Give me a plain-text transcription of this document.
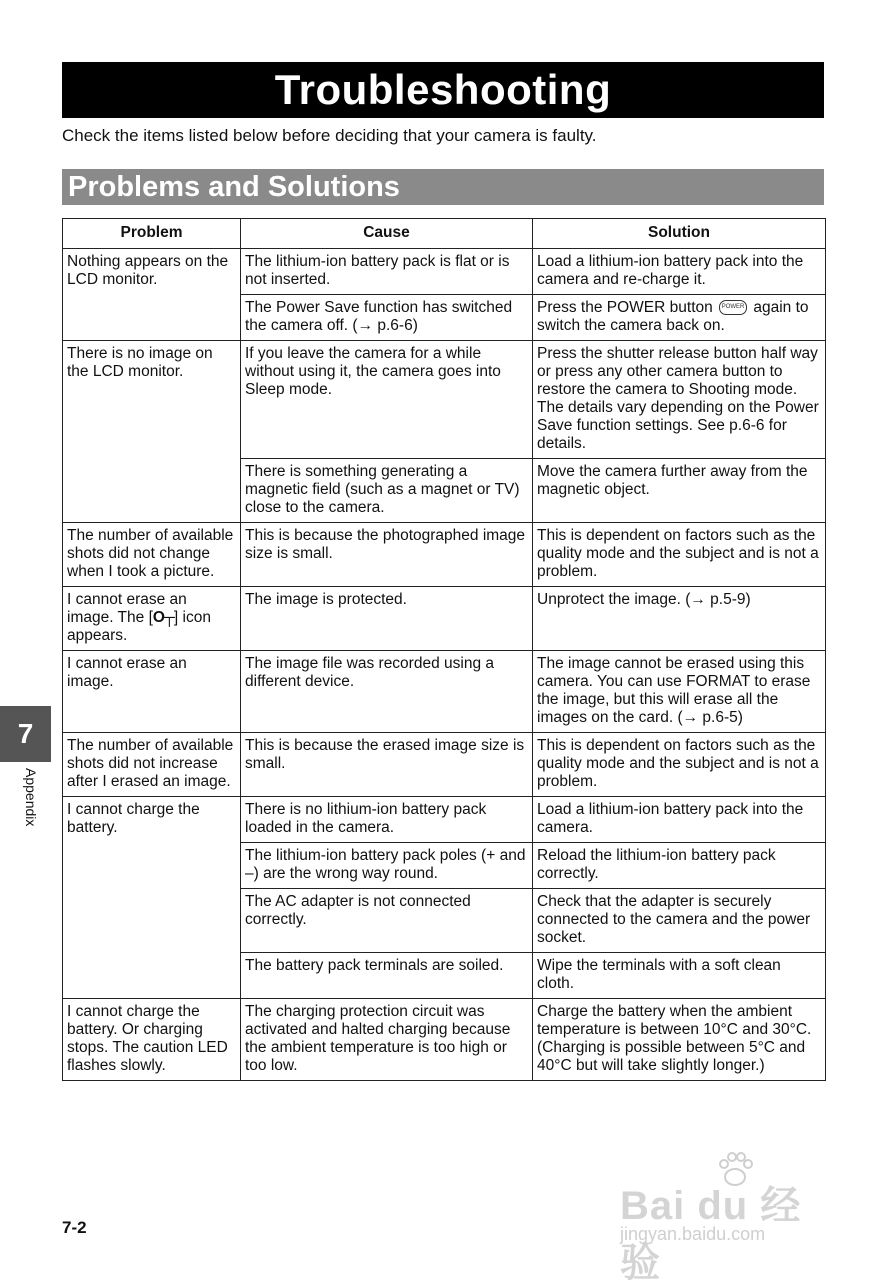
Troubleshooting
Check the items listed below before deciding that your camera is faulty.
Problems and Solutions
Problem	Cause	Solution
Nothing appears on the LCD monitor.	The lithium-ion battery pack is flat or is not inserted.	Load a lithium-ion battery pack into the camera and re-charge it.
	The Power Save function has switched the camera off. (→ p.6-6)	Press the POWER button POWER again to switch the camera back on.
There is no image on the LCD monitor.	If you leave the camera for a while without using it, the camera goes into Sleep mode.	Press the shutter release button half way or press any other camera button to restore the camera to Shooting mode. The details vary depending on the Power Save function settings. See p.6-6 for details.
	There is something generating a magnetic field (such as a magnet or TV) close to the camera.	Move the camera further away from the magnetic object.
The number of available shots did not change when I took a picture.	This is because the photographed image size is small.	This is dependent on factors such as the quality mode and the subject and is not a problem.
I cannot erase an image. The [O┬] icon appears.	The image is protected.	Unprotect the image. (→ p.5-9)
I cannot erase an image.	The image file was recorded using a different device.	The image cannot be erased using this camera. You can use FORMAT to erase the image, but this will erase all the images on the card. (→ p.6-5)
The number of available shots did not increase after I erased an image.	This is because the erased image size is small.	This is dependent on factors such as the quality mode and the subject and is not a problem.
I cannot charge the battery.	There is no lithium-ion battery pack loaded in the camera.	Load a lithium-ion battery pack into the camera.
	The lithium-ion battery pack poles (+ and –) are the wrong way round.	Reload the lithium-ion battery pack correctly.
	The AC adapter is not connected correctly.	Check that the adapter is securely connected to the camera and the power socket.
	The battery pack terminals are soiled.	Wipe the terminals with a soft clean cloth.
I cannot charge the battery. Or charging stops. The caution LED flashes slowly.	The charging protection circuit was activated and halted charging because the ambient temperature is too high or too low.	Charge the battery when the ambient temperature is between 10°C and 30°C. (Charging is possible between 5°C and 40°C but will take slightly longer.)
7
Appendix
7-2	Bai du 经验
jingyan.baidu.com
